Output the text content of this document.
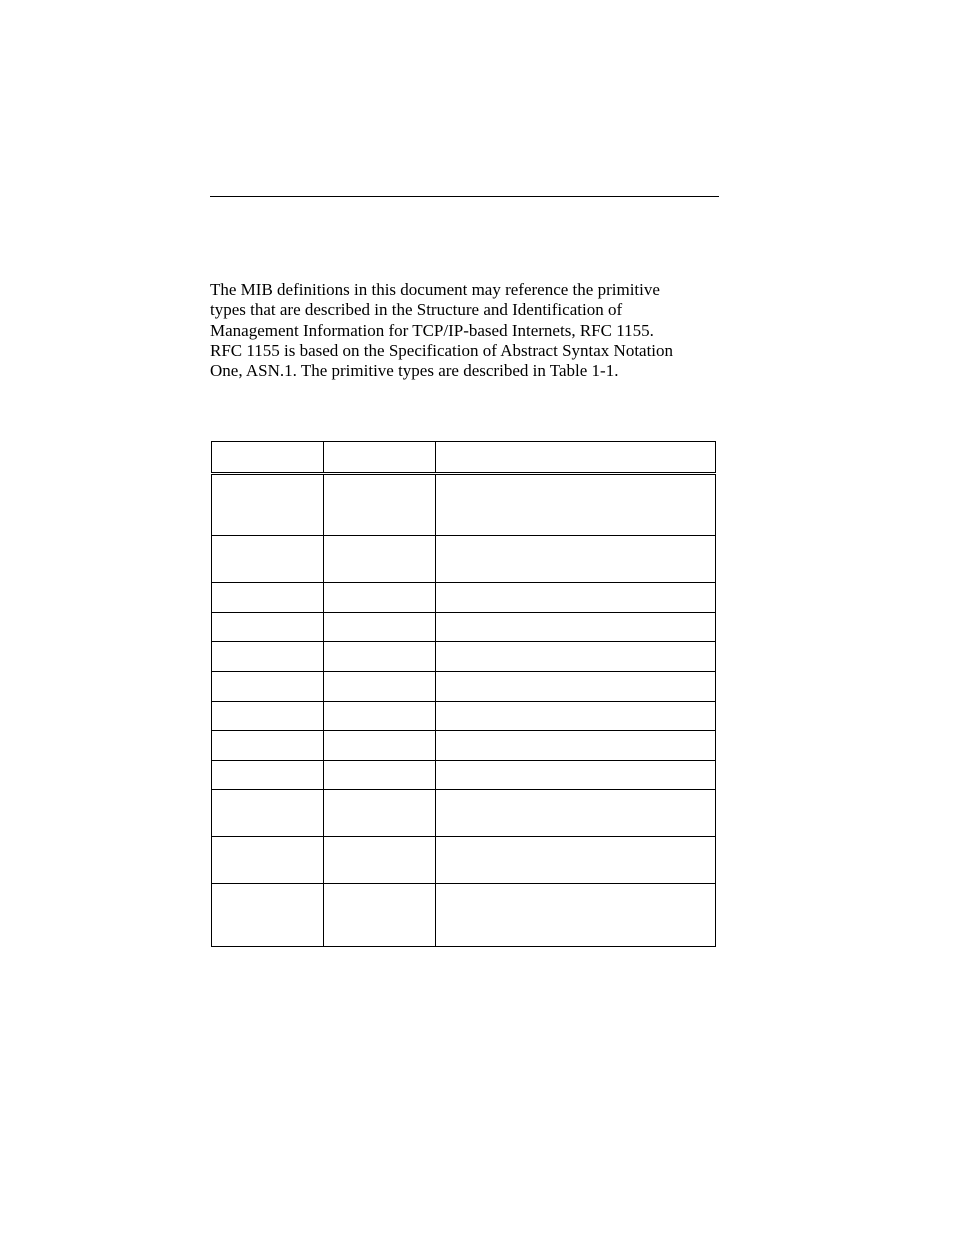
The MIB definitions in this document may reference the primitive
types that are described in the Structure and Identification of
Management Information for TCP/IP-based Internets, RFC 1155.
RFC 1155 is based on the Specification of Abstract Syntax Notation
One, ASN.1. The primitive types are described in Table 1-1.
